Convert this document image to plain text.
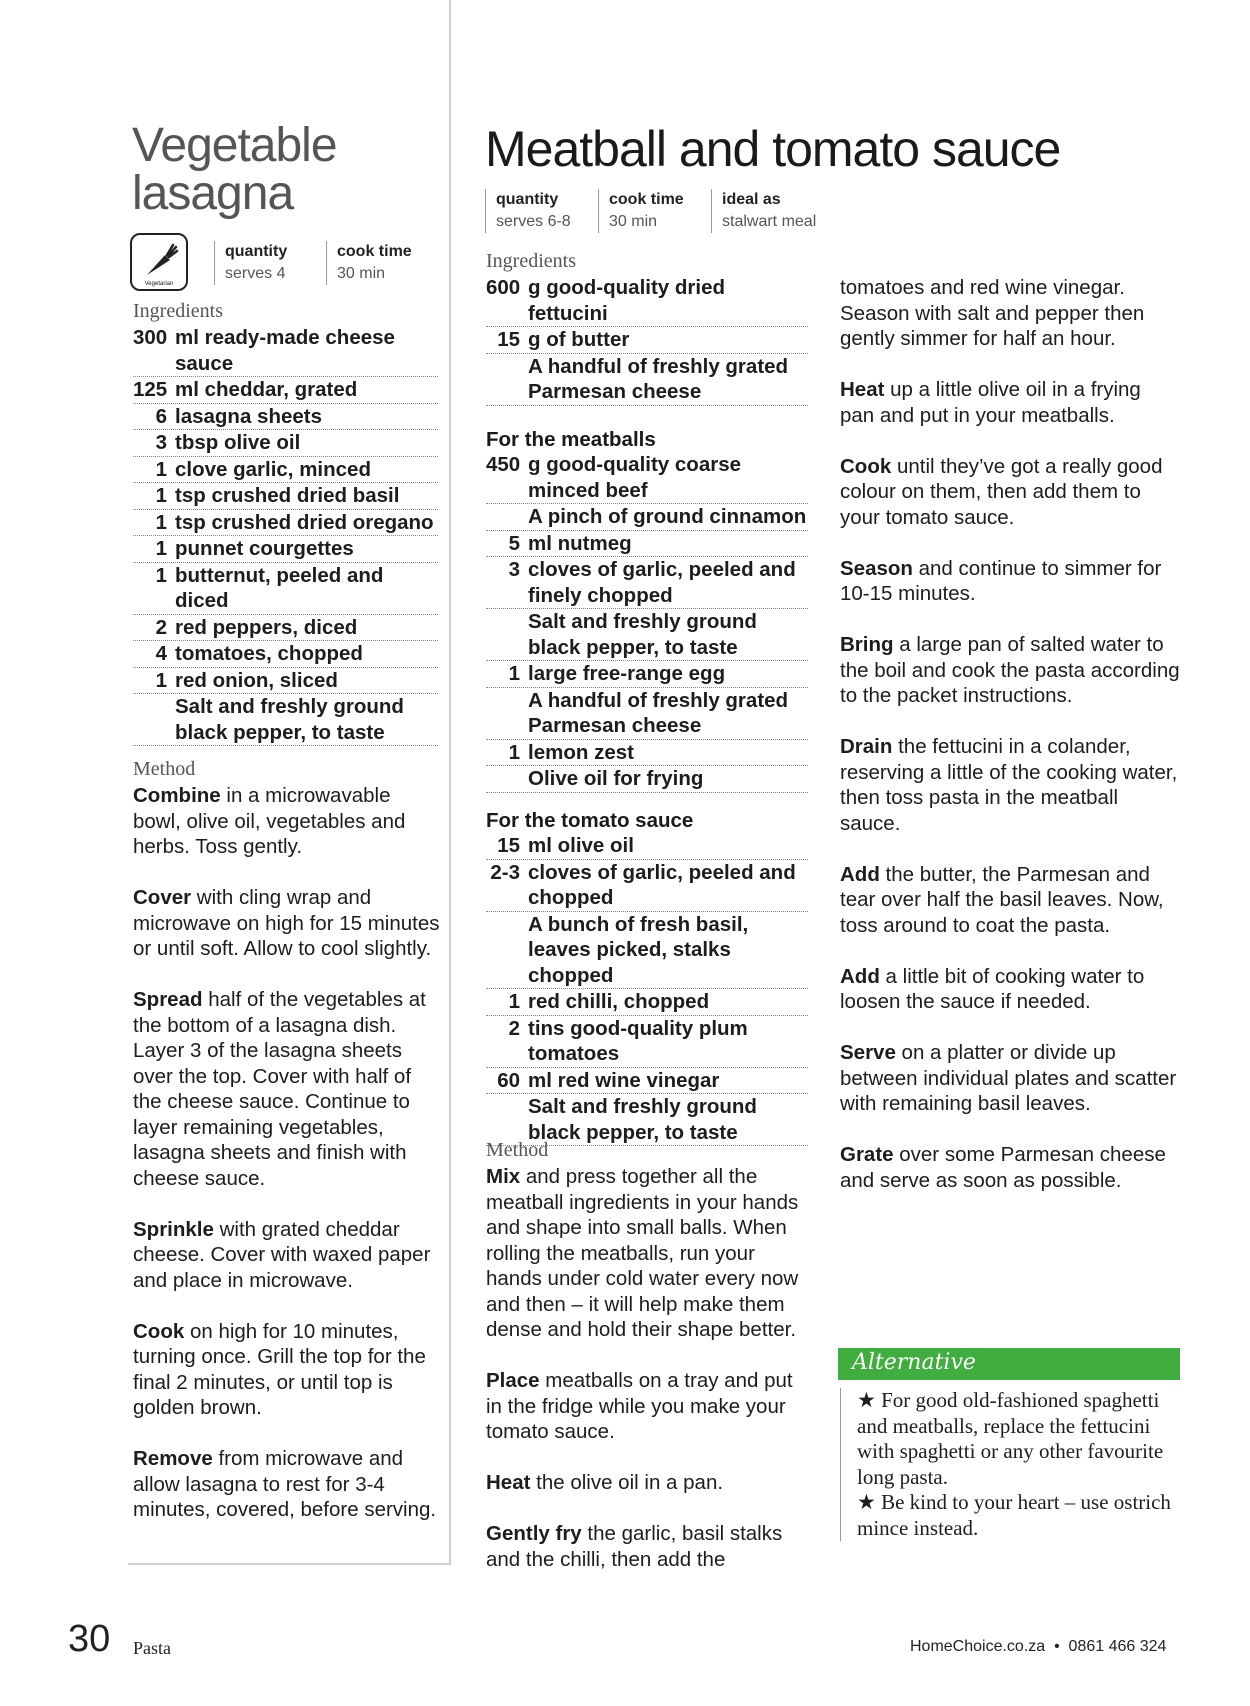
Vegetable lasagna
Vegetarian
quantity
serves 4
cook time
30 min
Ingredients
300 ml ready-made cheese sauce
125 ml cheddar, grated
6 lasagna sheets
3 tbsp olive oil
1 clove garlic, minced
1 tsp crushed dried basil
1 tsp crushed dried oregano
1 punnet courgettes
1 butternut, peeled and diced
2 red peppers, diced
4 tomatoes, chopped
1 red onion, sliced
Salt and freshly ground black pepper, to taste
Method

Combine in a microwavable bowl, olive oil, vegetables and herbs. Toss gently.

Cover with cling wrap and microwave on high for 15 minutes or until soft. Allow to cool slightly.

Spread half of the vegetables at the bottom of a lasagna dish. Layer 3 of the lasagna sheets over the top. Cover with half of the cheese sauce. Continue to layer remaining vegetables, lasagna sheets and finish with cheese sauce.

Sprinkle with grated cheddar cheese. Cover with waxed paper and place in microwave.

Cook on high for 10 minutes, turning once. Grill the top for the final 2 minutes, or until top is golden brown.

Remove from microwave and allow lasagna to rest for 3-4 minutes, covered, before serving.

Meatball and tomato sauce
quantity
serves 6-8
cook time
30 min
ideal as
stalwart meal
Ingredients
600 g good-quality dried fettucini
15 g of butter
A handful of freshly grated Parmesan cheese
For the meatballs
450 g good-quality coarse minced beef
A pinch of ground cinnamon
5 ml nutmeg
3 cloves of garlic, peeled and finely chopped
Salt and freshly ground black pepper, to taste
1 large free-range egg
A handful of freshly grated Parmesan cheese
1 lemon zest
Olive oil for frying
For the tomato sauce
15 ml olive oil
2-3 cloves of garlic, peeled and chopped
A bunch of fresh basil, leaves picked, stalks chopped
1 red chilli, chopped
2 tins good-quality plum tomatoes
60 ml red wine vinegar
Salt and freshly ground black pepper, to taste
Method

Mix and press together all the meatball ingredients in your hands and shape into small balls. When rolling the meatballs, run your hands under cold water every now and then – it will help make them dense and hold their shape better.

Place meatballs on a tray and put in the fridge while you make your tomato sauce.

Heat the olive oil in a pan.

Gently fry the garlic, basil stalks and the chilli, then add the

tomatoes and red wine vinegar. Season with salt and pepper then gently simmer for half an hour.

Heat up a little olive oil in a frying pan and put in your meatballs.

Cook until they’ve got a really good colour on them, then add them to your tomato sauce.

Season and continue to simmer for 10-15 minutes.

Bring a large pan of salted water to the boil and cook the pasta according to the packet instructions.

Drain the fettucini in a colander, reserving a little of the cooking water, then toss pasta in the meatball sauce.

Add the butter, the Parmesan and tear over half the basil leaves. Now, toss around to coat the pasta.

Add a little bit of cooking water to loosen the sauce if needed.

Serve on a platter or divide up between individual plates and scatter with remaining basil leaves.

Grate over some Parmesan cheese and serve as soon as possible.

Alternative

★ For good old-fashioned spaghetti and meatballs, replace the fettucini with spaghetti or any other favourite long pasta.

★ Be kind to your heart – use ostrich mince instead.

30 Pasta	HomeChoice.co.za  •  0861 466 324
